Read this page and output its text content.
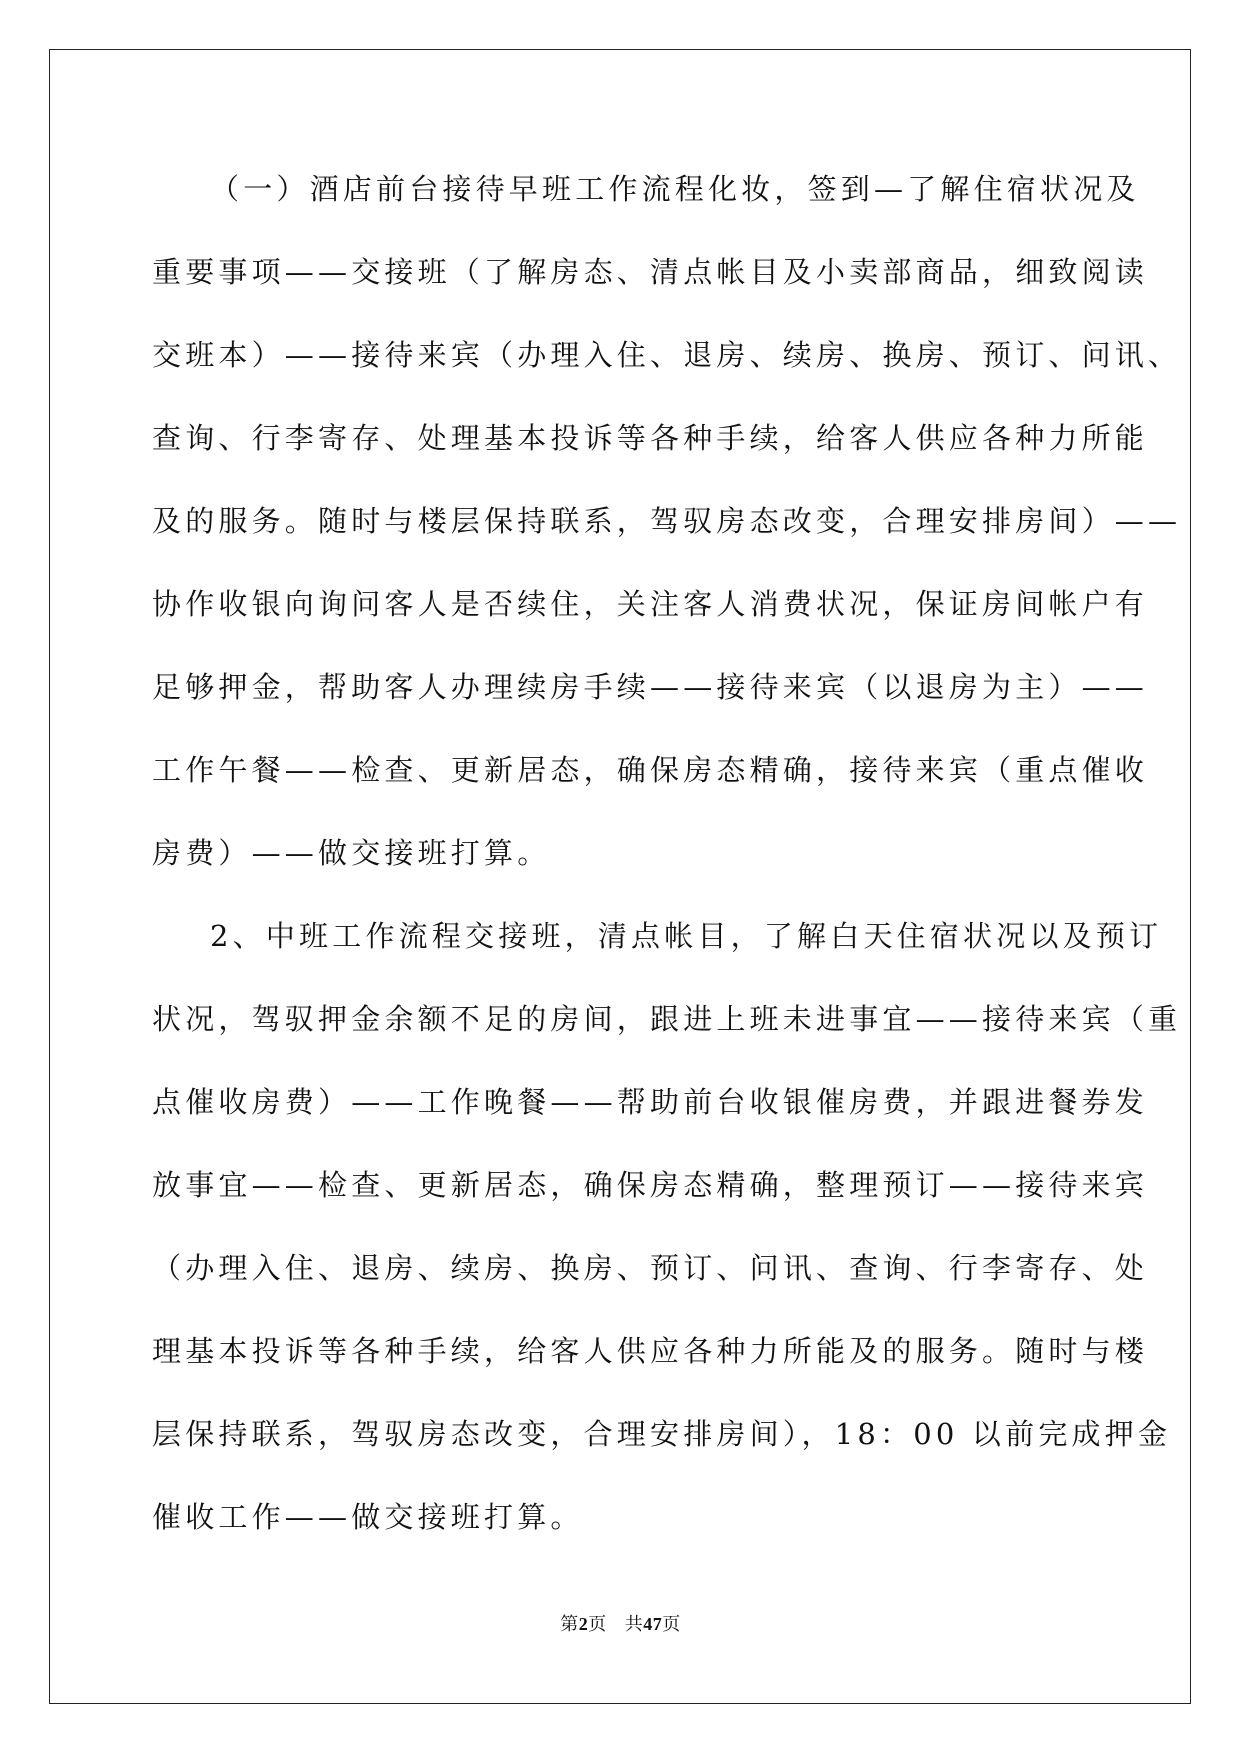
（一）酒店前台接待早班工作流程化妆，签到—了解住宿状况及
重要事项——交接班（了解房态、清点帐目及小卖部商品，细致阅读
交班本）——接待来宾（办理入住、退房、续房、换房、预订、问讯、
查询、行李寄存、处理基本投诉等各种手续，给客人供应各种力所能
及的服务。随时与楼层保持联系，驾驭房态改变，合理安排房间）——
协作收银向询问客人是否续住，关注客人消费状况，保证房间帐户有
足够押金，帮助客人办理续房手续——接待来宾（以退房为主）——
工作午餐——检查、更新居态，确保房态精确，接待来宾（重点催收
房费）——做交接班打算。
2、中班工作流程交接班，清点帐目，了解白天住宿状况以及预订
状况，驾驭押金余额不足的房间，跟进上班未进事宜——接待来宾（重
点催收房费）——工作晚餐——帮助前台收银催房费，并跟进餐券发
放事宜——检查、更新居态，确保房态精确，整理预订——接待来宾
（办理入住、退房、续房、换房、预订、问讯、查询、行李寄存、处
理基本投诉等各种手续，给客人供应各种力所能及的服务。随时与楼
层保持联系，驾驭房态改变，合理安排房间），18：00 以前完成押金
催收工作——做交接班打算。
第2页 共47页
